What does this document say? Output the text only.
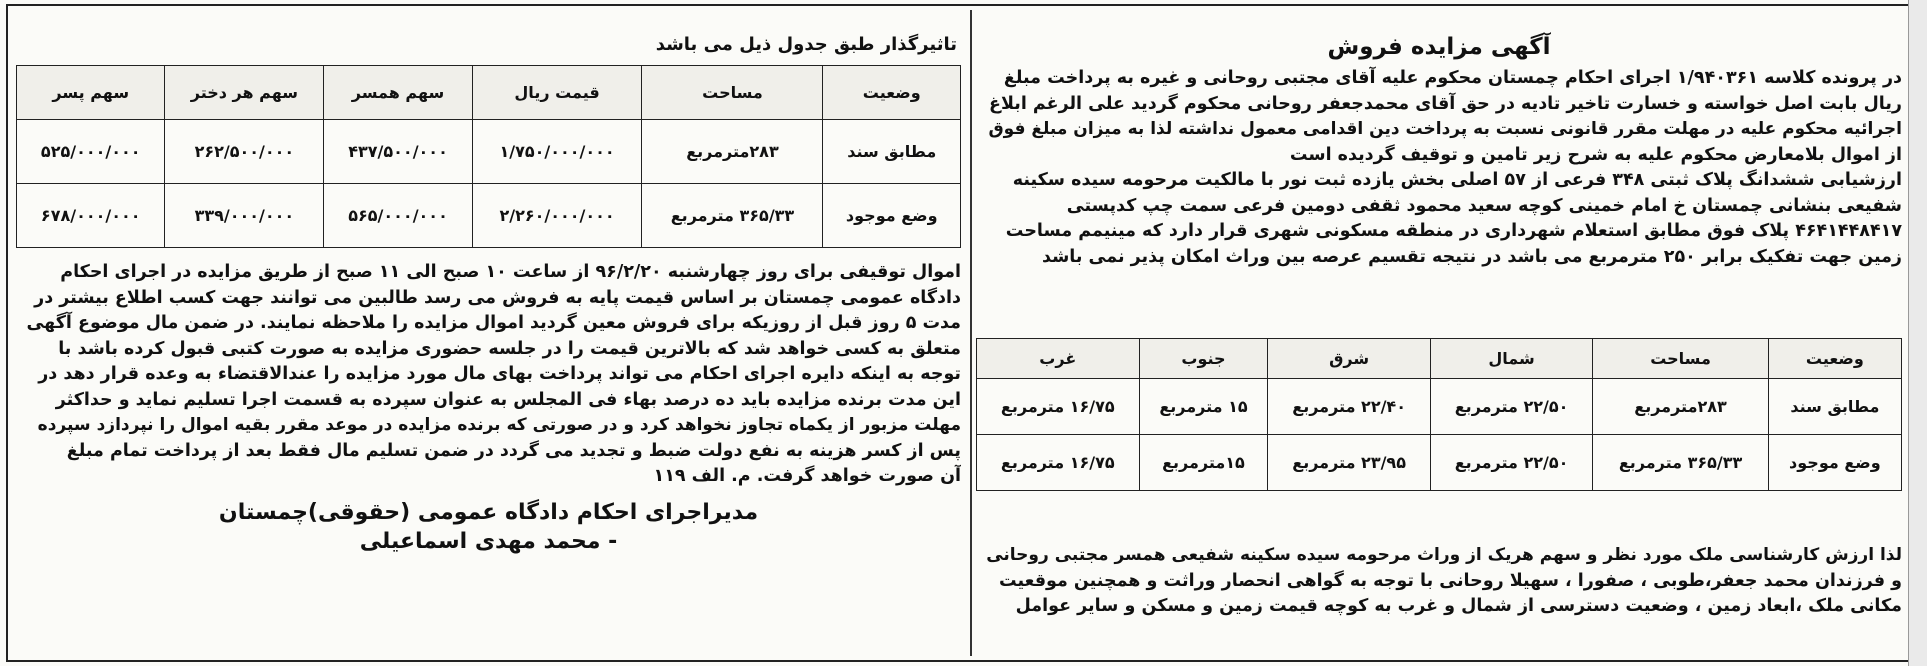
آگهی مزایده فروش
در پرونده کلاسه ۱/۹۴۰۳۶۱ اجرای احکام چمستان محکوم علیه آقای مجتبی روحانی و غیره به پرداخت مبلغ
ریال بابت اصل خواسته و خسارت تاخیر تادیه در حق آقای محمدجعفر روحانی محکوم گردید علی الرغم ابلاغ
اجرائیه محکوم علیه در مهلت مقرر قانونی نسبت به پرداخت دین اقدامی معمول نداشته لذا به میزان مبلغ فوق
از اموال بلامعارض محکوم علیه به شرح زیر تامین و توقیف گردیده است
ارزشیابی ششدانگ پلاک ثبتی ۳۴۸ فرعی از ۵۷ اصلی بخش یازده ثبت نور با مالکیت مرحومه سیده سکینه
شفیعی بنشانی چمستان خ امام خمینی کوچه سعید محمود ثقفی دومین فرعی سمت چپ کدپستی
۴۶۴۱۴۴۸۴۱۷ پلاک فوق مطابق استعلام شهرداری در منطقه مسکونی شهری قرار دارد که مینیمم مساحت
زمین جهت تفکیک برابر ۲۵۰ مترمربع می باشد در نتیجه تقسیم عرصه بین وراث امکان پذیر نمی باشد
وضعیت	مساحت	شمال	شرق	جنوب	غرب
مطابق سند	۲۸۳مترمربع	۲۲/۵۰ مترمربع	۲۲/۴۰ مترمربع	۱۵ مترمربع	۱۶/۷۵ مترمربع
وضع موجود	۳۶۵/۳۳ مترمربع	۲۲/۵۰ مترمربع	۲۳/۹۵ مترمربع	۱۵مترمربع	۱۶/۷۵ مترمربع
لذا ارزش کارشناسی ملک مورد نظر و سهم هریک از وراث مرحومه سیده سکینه شفیعی همسر مجتبی روحانی
و فرزندان محمد جعفر،طوبی ، صفورا ، سهیلا روحانی با توجه به گواهی انحصار وراثت و همچنین موقعیت
مکانی ملک ،ابعاد زمین ، وضعیت دسترسی از شمال و غرب به کوچه قیمت زمین و مسکن و سایر عوامل
تاثیرگذار طبق جدول ذیل می باشد
وضعیت	مساحت	قیمت ریال	سهم همسر	سهم هر دختر	سهم پسر
مطابق سند	۲۸۳مترمربع	۱/۷۵۰/۰۰۰/۰۰۰	۴۳۷/۵۰۰/۰۰۰	۲۶۲/۵۰۰/۰۰۰	۵۲۵/۰۰۰/۰۰۰
وضع موجود	۳۶۵/۳۳ مترمربع	۲/۲۶۰/۰۰۰/۰۰۰	۵۶۵/۰۰۰/۰۰۰	۳۳۹/۰۰۰/۰۰۰	۶۷۸/۰۰۰/۰۰۰
اموال توقیفی برای روز چهارشنبه ۹۶/۲/۲۰ از ساعت ۱۰ صبح الی ۱۱ صبح از طریق مزایده در اجرای احکام
دادگاه عمومی چمستان بر اساس قیمت پایه به فروش می رسد طالبین می توانند جهت کسب اطلاع بیشتر در
مدت ۵ روز قبل از روزیکه برای فروش معین گردید اموال مزایده را ملاحظه نمایند. در ضمن مال موضوع آگهی
متعلق به کسی خواهد شد که بالاترین قیمت را در جلسه حضوری مزایده به صورت کتبی قبول کرده باشد با
توجه به اینکه دایره اجرای احکام می تواند پرداخت بهای مال مورد مزایده را عندالاقتضاء به وعده قرار دهد در
این مدت برنده مزایده باید ده درصد بهاء فی المجلس به عنوان سپرده به قسمت اجرا تسلیم نماید و حداکثر
مهلت مزبور از یکماه تجاوز نخواهد کرد و در صورتی که برنده مزایده در موعد مقرر بقیه اموال را نپردازد سپرده
پس از کسر هزینه به نفع دولت ضبط و تجدید می گردد در ضمن تسلیم مال فقط بعد از پرداخت تمام مبلغ
آن صورت خواهد گرفت. م. الف ۱۱۹
مدیراجرای احکام دادگاه عمومی (حقوقی)چمستان
- محمد مهدی اسماعیلی
